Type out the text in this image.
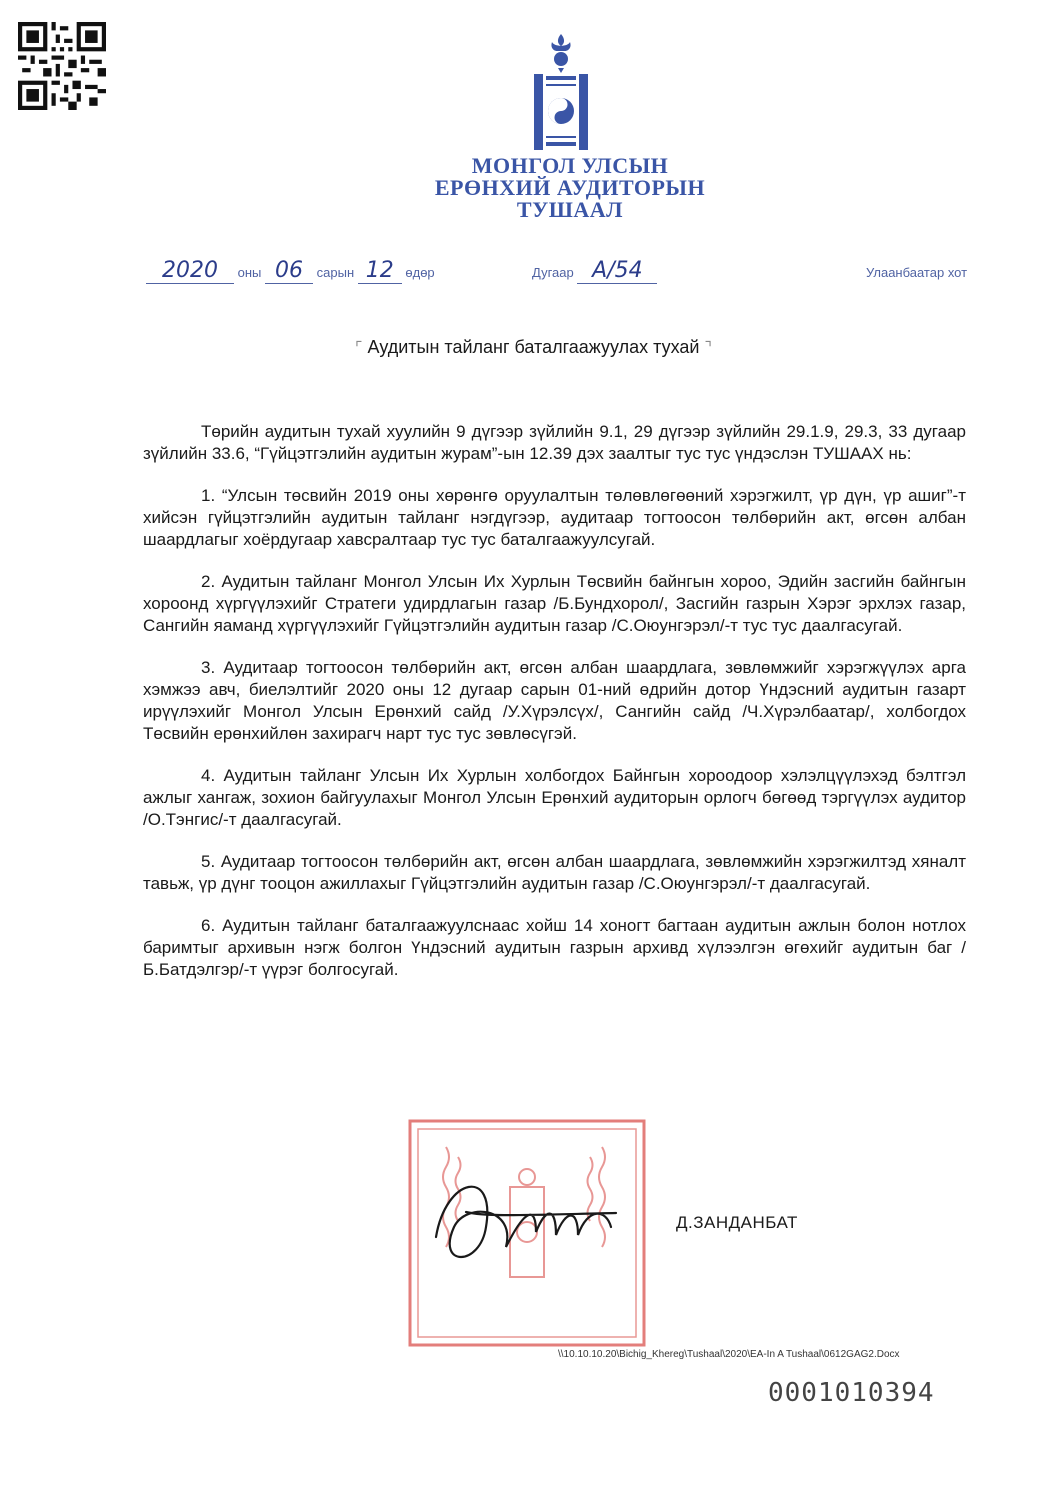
МОНГОЛ УЛСЫН
ЕРӨНХИЙ АУДИТОРЫН
ТУШААЛ
2020 оны 06 сарын 12 өдөр	Дугаар А/54	Улаанбаатар хот
⌜ Аудитын тайланг баталгаажуулах тухай ⌝

Төрийн аудитын тухай хуулийн 9 дүгээр зүйлийн 9.1, 29 дүгээр зүйлийн 29.1.9, 29.3, 33 дугаар зүйлийн 33.6, “Гүйцэтгэлийн аудитын журам”-ын 12.39 дэх заалтыг тус тус үндэслэн ТУШААХ нь:

1. “Улсын төсвийн 2019 оны хөрөнгө оруулалтын төлөвлөгөөний хэрэгжилт, үр дүн, үр ашиг”-т хийсэн гүйцэтгэлийн аудитын тайланг нэгдүгээр, аудитаар тогтоосон төлбөрийн акт, өгсөн албан шаардлагыг хоёрдугаар хавсралтаар тус тус баталгаажуулсугай.

2. Аудитын тайланг Монгол Улсын Их Хурлын Төсвийн байнгын хороо, Эдийн засгийн байнгын хороонд хүргүүлэхийг Стратеги удирдлагын газар /Б.Бундхорол/, Засгийн газрын Хэрэг эрхлэх газар, Сангийн яаманд хүргүүлэхийг Гүйцэтгэлийн аудитын газар /С.Оюунгэрэл/-т тус тус даалгасугай.

3. Аудитаар тогтоосон төлбөрийн акт, өгсөн албан шаардлага, зөвлөмжийг хэрэгжүүлэх арга хэмжээ авч, биелэлтийг 2020 оны 12 дугаар сарын 01-ний өдрийн дотор Үндэсний аудитын газарт ирүүлэхийг Монгол Улсын Ерөнхий сайд /У.Хүрэлсүх/, Сангийн сайд /Ч.Хүрэлбаатар/, холбогдох Төсвийн ерөнхийлөн захирагч нарт тус тус зөвлөсүгэй.

4. Аудитын тайланг Улсын Их Хурлын холбогдох Байнгын хороодоор хэлэлцүүлэхэд бэлтгэл ажлыг хангаж, зохион байгуулахыг Монгол Улсын Ерөнхий аудиторын орлогч бөгөөд тэргүүлэх аудитор /О.Тэнгис/-т даалгасугай.

5. Аудитаар тогтоосон төлбөрийн акт, өгсөн албан шаардлага, зөвлөмжийн хэрэгжилтэд хяналт тавьж, үр дүнг тооцон ажиллахыг Гүйцэтгэлийн аудитын газар /С.Оюунгэрэл/-т даалгасугай.

6. Аудитын тайланг баталгаажуулснаас хойш 14 хоногт багтаан аудитын ажлын болон нотлох баримтыг архивын нэгж болгон Үндэсний аудитын газрын архивд хүлээлгэн өгөхийг аудитын баг /Б.Батдэлгэр/-т үүрэг болгосугай.

Д.ЗАНДАНБАТ
\\10.10.10.20\Bichig_Khereg\Tushaal\2020\EA-In A Tushaal\0612GAG2.Docx
0001010394
